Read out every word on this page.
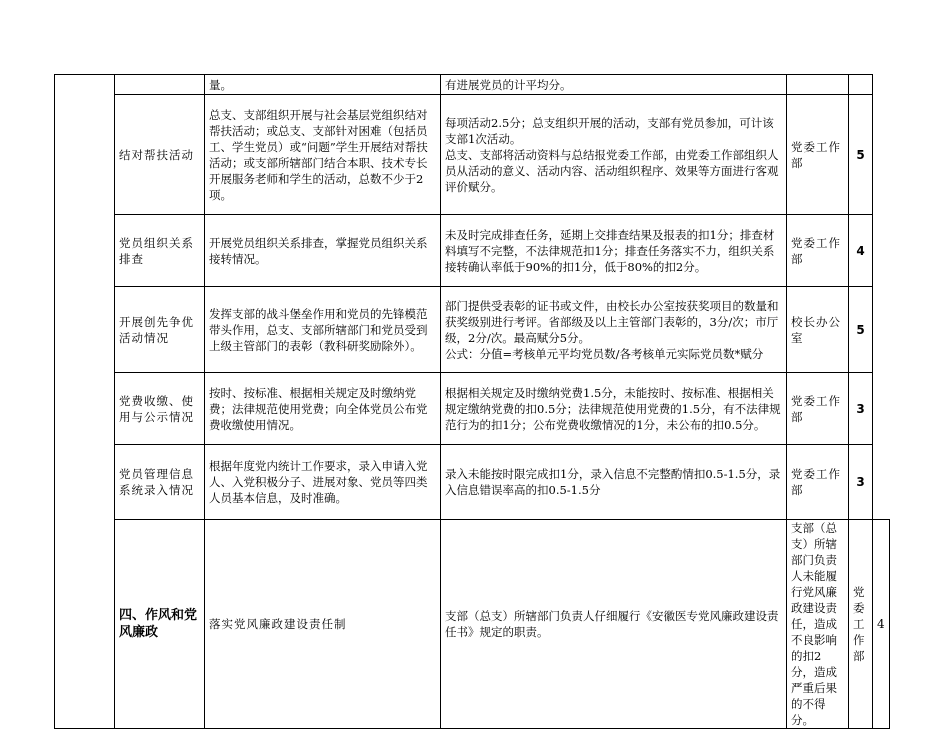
		量。	有进展党员的计平均分。			
	结对帮扶活动	总支、支部组织开展与社会基层党组织结对帮扶活动；或总支、支部针对困难（包括员工、学生党员）或“问题”学生开展结对帮扶活动；或支部所辖部门结合本职、技术专长开展服务老师和学生的活动，总数不少于2项。	每项活动2.5分；总支组织开展的活动，支部有党员参加，可计该支部1次活动。
总支、支部将活动资料与总结报党委工作部，由党委工作部组织人员从活动的意义、活动内容、活动组织程序、效果等方面进行客观评价赋分。	党委工作部	5	
	党员组织关系排查	开展党员组织关系排查，掌握党员组织关系接转情况。	未及时完成排查任务，延期上交排查结果及报表的扣1分；排查材料填写不完整，不法律规范扣1分；排查任务落实不力，组织关系接转确认率低于90%的扣1分，低于80%的扣2分。	党委工作部	4	
	开展创先争优活动情况	发挥支部的战斗堡垒作用和党员的先锋模范带头作用，总支、支部所辖部门和党员受到上级主管部门的表彰（教科研奖励除外）。	部门提供受表彰的证书或文件，由校长办公室按获奖项目的数量和获奖级别进行考评。省部级及以上主管部门表彰的，3分/次；市厅级，2分/次。最高赋分5分。
公式：分值=考核单元平均党员数/各考核单元实际党员数*赋分	校长办公室	5	
	党费收缴、使用与公示情况	按时、按标准、根据相关规定及时缴纳党费；法律规范使用党费；向全体党员公布党费收缴使用情况。	根据相关规定及时缴纳党费1.5分，未能按时、按标准、根据相关规定缴纳党费的扣0.5分；法律规范使用党费的1.5分，有不法律规范行为的扣1分；公布党费收缴情况的1分，未公布的扣0.5分。	党委工作部	3	
	党员管理信息系统录入情况	根据年度党内统计工作要求，录入申请入党人、入党积极分子、进展对象、党员等四类人员基本信息，及时准确。	录入未能按时限完成扣1分，录入信息不完整酌情扣0.5-1.5分，录入信息错误率高的扣0.5-1.5分	党委工作部	3	
	四、作风和党风廉政	落实党风廉政建设责任制	支部（总支）所辖部门负责人仔细履行《安徽医专党风廉政建设责任书》规定的职责。	支部（总支）所辖部门负责人未能履行党风廉政建设责任，造成不良影响的扣2分，造成严重后果的不得分。	党委工作部	4
